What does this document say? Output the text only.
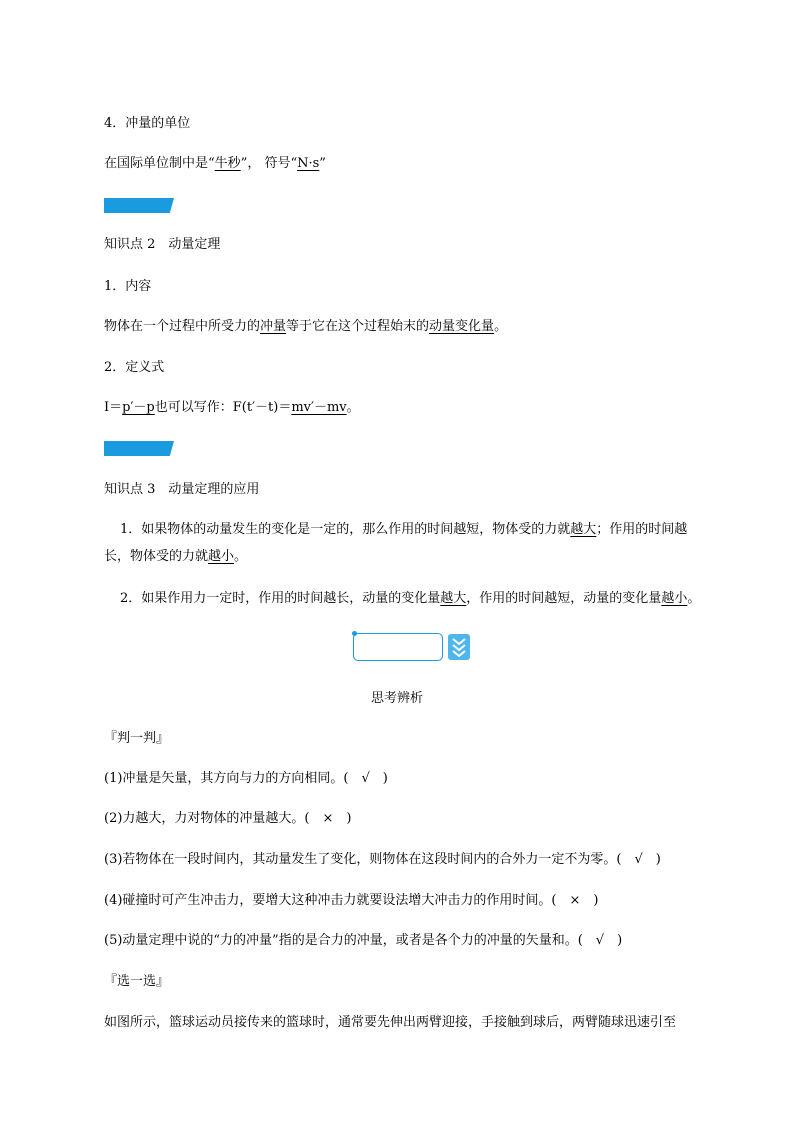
4．冲量的单位

在国际单位制中是“牛秒”， 符号“N·s”

知识点 2　动量定理

1．内容

物体在一个过程中所受力的冲量等于它在这个过程始末的动量变化量。

2．定义式

I＝p′－p也可以写作：F(t′－t)＝mv′－mv。

知识点 3　动量定理的应用

1．如果物体的动量发生的变化是一定的，那么作用的时间越短，物体受的力就越大；作用的时间越

长，物体受的力就越小。

2．如果作用力一定时，作用的时间越长，动量的变化量越大，作用的时间越短，动量的变化量越小。

思考辨析

『判一判』

(1)冲量是矢量，其方向与力的方向相同。(　√　)

(2)力越大，力对物体的冲量越大。(　×　)

(3)若物体在一段时间内，其动量发生了变化，则物体在这段时间内的合外力一定不为零。(　√　)

(4)碰撞时可产生冲击力，要增大这种冲击力就要设法增大冲击力的作用时间。(　×　)

(5)动量定理中说的“力的冲量”指的是合力的冲量，或者是各个力的冲量的矢量和。(　√　)

『选一选』

如图所示，篮球运动员接传来的篮球时，通常要先伸出两臂迎接，手接触到球后，两臂随球迅速引至
